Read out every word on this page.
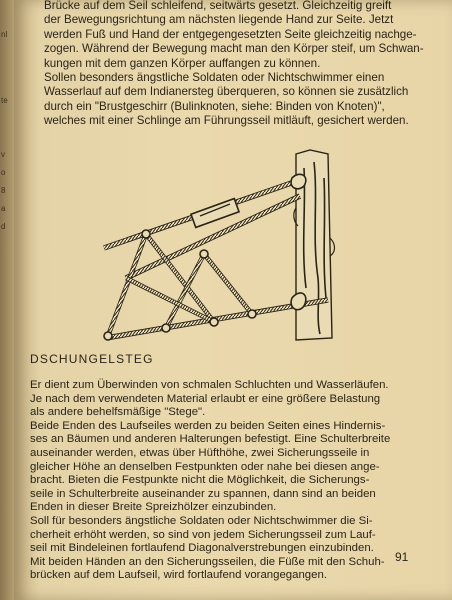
nl
te
v
o
8
a
d
Brücke auf dem Seil schleifend, seitwärts gesetzt. Gleichzeitig greift
der Bewegungsrichtung am nächsten liegende Hand zur Seite. Jetzt
werden Fuß und Hand der entgegengesetzten Seite gleichzeitig nachge-
zogen. Während der Bewegung macht man den Körper steif, um Schwan-
kungen mit dem ganzen Körper auffangen zu können.
Sollen besonders ängstliche Soldaten oder Nichtschwimmer einen
Wasserlauf auf dem Indianersteg überqueren, so können sie zusätzlich
durch ein "Brustgeschirr (Bulinknoten, siehe: Binden von Knoten)",
welches mit einer Schlinge am Führungsseil mitläuft, gesichert werden.
DSCHUNGELSTEG
Er dient zum Überwinden von schmalen Schluchten und Wasserläufen.
Je nach dem verwendeten Material erlaubt er eine größere Belastung
als andere behelfsmäßige "Stege".
Beide Enden des Laufseiles werden zu beiden Seiten eines Hindernis-
ses an Bäumen und anderen Halterungen befestigt. Eine Schulterbreite
auseinander werden, etwas über Hüfthöhe, zwei Sicherungsseile in
gleicher Höhe an denselben Festpunkten oder nahe bei diesen ange-
bracht. Bieten die Festpunkte nicht die Möglichkeit, die Sicherungs-
seile in Schulterbreite auseinander zu spannen, dann sind an beiden
Enden in dieser Breite Spreizhölzer einzubinden.
Soll für besonders ängstliche Soldaten oder Nichtschwimmer die Si-
cherheit erhöht werden, so sind von jedem Sicherungsseil zum Lauf-
seil mit Bindeleinen fortlaufend Diagonalverstrebungen einzubinden.
Mit beiden Händen an den Sicherungsseilen, die Füße mit den Schuh-
brücken auf dem Laufseil, wird fortlaufend vorangegangen.
91
